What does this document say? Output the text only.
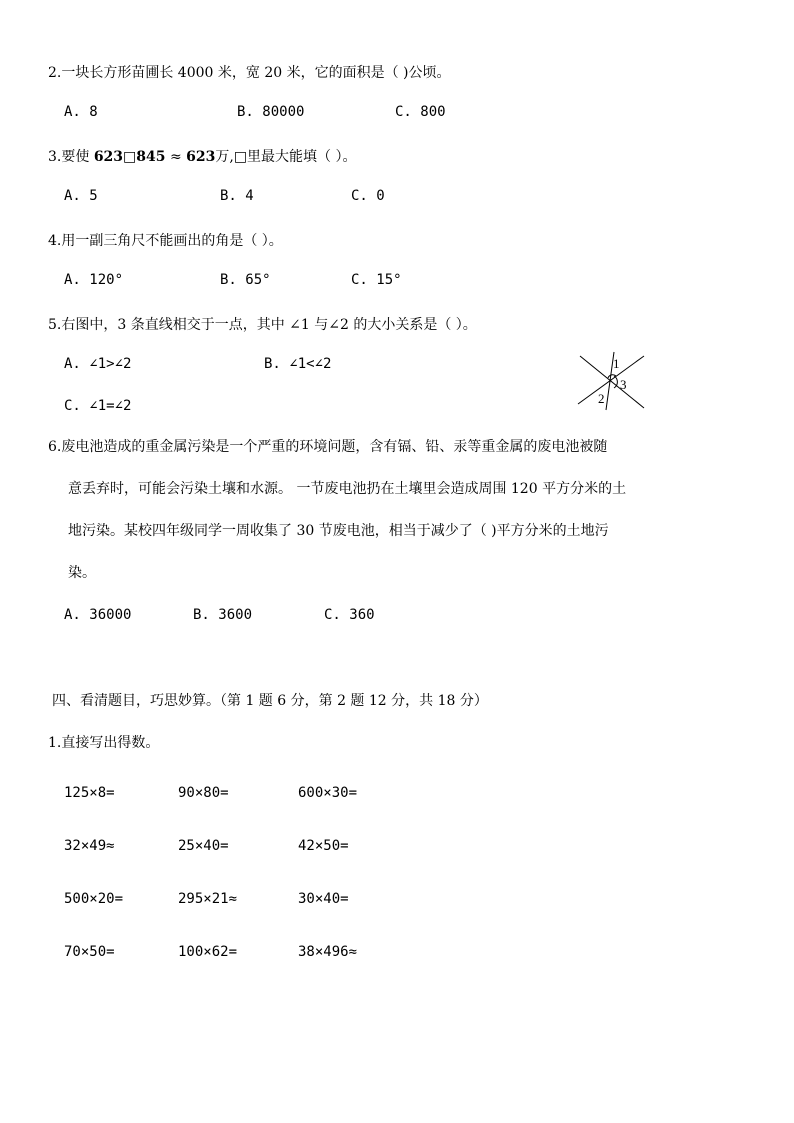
2.一块长方形苗圃长 4000 米，宽 20 米，它的面积是（ )公顷。
A. 8	B. 80000	C. 800
3.要使 623□845 ≈ 623万,□里最大能填（ ）。
A. 5	B. 4	C. 0
4.用一副三角尺不能画出的角是（ ）。
A. 120°	B. 65°	C. 15°
5.右图中，3 条直线相交于一点，其中 ∠1 与∠2 的大小关系是（ ）。
A. ∠1>∠2	B. ∠1<∠2
C. ∠1=∠2
1
2
3
6.废电池造成的重金属污染是一个严重的环境问题，含有镉、铅、汞等重金属的废电池被随
意丢弃时，可能会污染土壤和水源。 一节废电池扔在土壤里会造成周围 120 平方分米的土
地污染。某校四年级同学一周收集了 30 节废电池，相当于减少了（ )平方分米的土地污
染。
A. 36000	B. 3600	C. 360
四、看清题目，巧思妙算。（第 1 题 6 分，第 2 题 12 分，共 18 分）
1.直接写出得数。
125×8=	90×80=	600×30=
32×49≈	25×40=	42×50=
500×20=	295×21≈	30×40=
70×50=	100×62=	38×496≈
